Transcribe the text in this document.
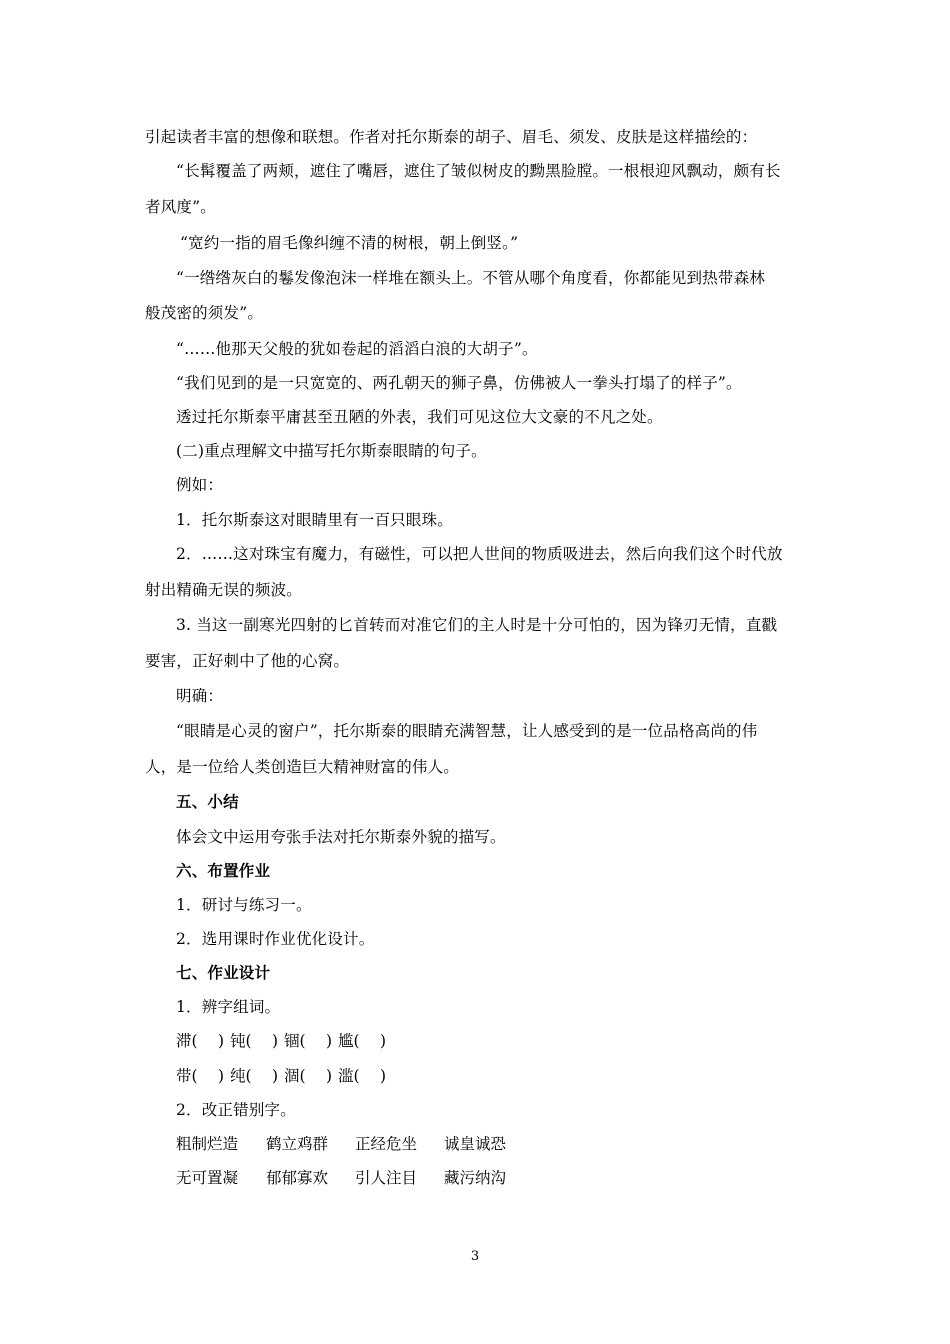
引起读者丰富的想像和联想。作者对托尔斯泰的胡子、眉毛、须发、皮肤是这样描绘的：
“长髯覆盖了两颊，遮住了嘴唇，遮住了皱似树皮的黝黑脸膛。一根根迎风飘动，颇有长
者风度”。
“宽约一指的眉毛像纠缠不清的树根，朝上倒竖。”
“一绺绺灰白的鬈发像泡沫一样堆在额头上。不管从哪个角度看，你都能见到热带森林
般茂密的须发”。
“……他那天父般的犹如卷起的滔滔白浪的大胡子”。
“我们见到的是一只宽宽的、两孔朝天的狮子鼻，仿佛被人一拳头打塌了的样子”。
透过托尔斯泰平庸甚至丑陋的外表，我们可见这位大文豪的不凡之处。
(二)重点理解文中描写托尔斯泰眼睛的句子。
例如：
1．托尔斯泰这对眼睛里有一百只眼珠。
2．……这对珠宝有魔力，有磁性，可以把人世间的物质吸进去，然后向我们这个时代放
射出精确无误的频波。
3. 当这一副寒光四射的匕首转而对准它们的主人时是十分可怕的，因为锋刃无情，直戳
要害，正好刺中了他的心窝。
明确：
“眼睛是心灵的窗户”，托尔斯泰的眼睛充满智慧，让人感受到的是一位品格高尚的伟
人，是一位给人类创造巨大精神财富的伟人。
五、小结
体会文中运用夸张手法对托尔斯泰外貌的描写。
六、布置作业
1．研讨与练习一。
2．选用课时作业优化设计。
七、作业设计
1．辨字组词。
滞(　 ) 钝(　 ) 锢(　 ) 尴(　 )
带(　 ) 纯(　 ) 涸(　 ) 滥(　 )
2．改正错别字。
粗制烂造 鹤立鸡群 正经危坐 诚皇诚恐
无可置凝 郁郁寡欢 引人注目 藏污纳沟
3
